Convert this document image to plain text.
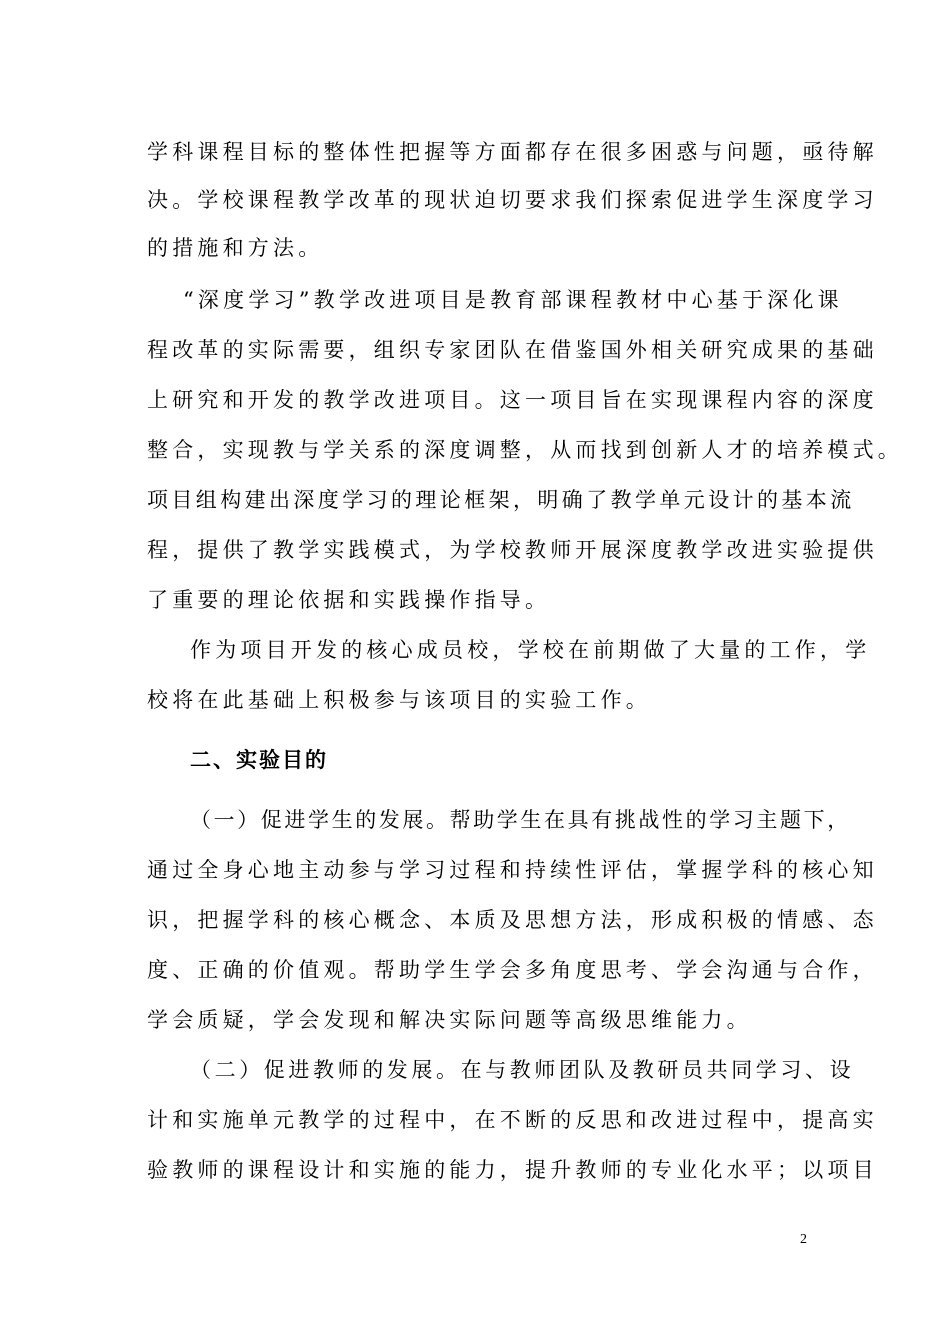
学科课程目标的整体性把握等方面都存在很多困惑与问题，亟待解
决。学校课程教学改革的现状迫切要求我们探索促进学生深度学习
的措施和方法。
“深度学习”教学改进项目是教育部课程教材中心基于深化课
程改革的实际需要，组织专家团队在借鉴国外相关研究成果的基础
上研究和开发的教学改进项目。这一项目旨在实现课程内容的深度
整合，实现教与学关系的深度调整，从而找到创新人才的培养模式。
项目组构建出深度学习的理论框架，明确了教学单元设计的基本流
程，提供了教学实践模式，为学校教师开展深度教学改进实验提供
了重要的理论依据和实践操作指导。
作为项目开发的核心成员校，学校在前期做了大量的工作，学
校将在此基础上积极参与该项目的实验工作。
二、实验目的
（一）促进学生的发展。帮助学生在具有挑战性的学习主题下，
通过全身心地主动参与学习过程和持续性评估，掌握学科的核心知
识，把握学科的核心概念、本质及思想方法，形成积极的情感、态
度、正确的价值观。帮助学生学会多角度思考、学会沟通与合作，
学会质疑，学会发现和解决实际问题等高级思维能力。
（二）促进教师的发展。在与教师团队及教研员共同学习、设
计和实施单元教学的过程中，在不断的反思和改进过程中，提高实
验教师的课程设计和实施的能力，提升教师的专业化水平；以项目
2
